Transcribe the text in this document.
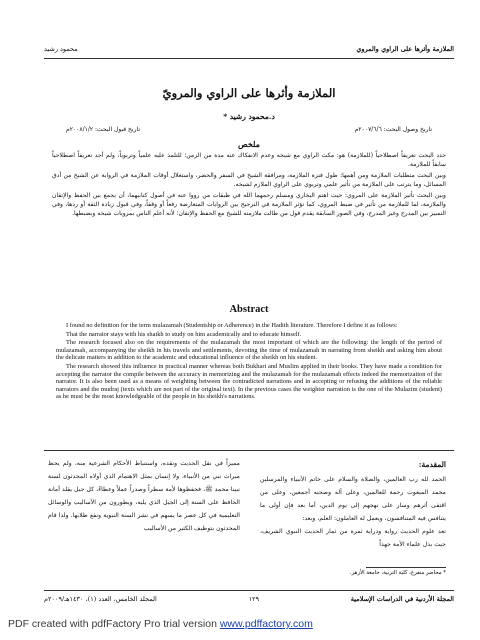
الملازمة وأثرها على الراوي والمروي
محمود رشيد
الملازمة وأثرها على الراوي والمرويّ
د.محمود رشيد *
تاريخ وصول البحث: ٢٠٠٧/٦/٦م
تاريخ قبول البحث: ٢٠٠٨/١/٢م
ملخص

حدد البحث تعريفاً اصطلاحياً (للملازمة) هو: مكث الراوي مع شيخه وعدم الانفكاك عنه مدة من الزمن؛ للتلمذ عليه علمياً وتربوياً، ولم أجد تعريفاً اصطلاحياً سابقاً للملازمة.

وبين البحث متطلبات الملازمة ومن أهمها: طول فترة الملازمة، ومرافقة الشيخ في السفر والحضر، واستغلال أوقات الملازمة في الرواية عن الشيخ من أدق المسائل، وما يترتب على الملازمة من تأثير علمي وتربوي على الراوي الملازم لشيخه.

وبين البحث تأثير الملازمة على المروي: حيث اهتم البخاري ومسلم رحمهما الله في طبقات من رووا عنه في أصول كتابيهما، أن يجمع بين الحفظ والإتقان والملازمة، لما للملازمة من تأثير في ضبط المروي، كما تؤثر الملازمة في الترجيح بين الروايات المتعارضة رفعاً أو وقفاً، وفي قبول زيادة الثقة أو ردها، وفي التمييز بين المدرج وغير المدرج، وفي الصور السابقة يقدم قول من طالت ملازمته للشيخ مع الحفظ والإتقان؛ لأنه أعلم الناس بمرويات شيخه وبضبطها.

Abstract

I found no definition for the term mulazamah (Studentship or Adherence) in the Hadith literature. Therefore I define it as follows:

That the narrator stays with his shaikh to study on him academically and to educate himself.

The research focused also on the requirements of the mulazamah the most important of which are the following: the length of the period of mulazamah, accompanying the sheikh in his travels and settlements, devoting the time of mulazamah in narrating from sheikh and asking him about the delicate matters in addition to the academic and educational influence of the sheikh on his student.

The research showed this influence in practical manner whereas both Bukhari and Muslim applied in their books. They have made a condition for accepting the narrator the compile between the accuracy in memorizing and the mulazamah for the mulazamah effects indeed the memorization of the narrator. It is also been used as a means of weighting between the contradicted narrations and in accepting or refusing the additions of the reliable narrators and the mudraj (texts which are not part of the original text). In the previous cases the weighter narration is the one of the Mulazim (student) as he must be the most knowledgeable of the people in his sheikh's narrations.

المقدمة:

الحمد لله رب العالمين، والصلاة والسلام على خاتم الأنبياء والمرسلين محمد المبعوث رحمة للعالمين، وعلى آله وصحبه أجمعين، وعلى من اقتفى أثرهم وسار على نهجهم إلى يوم الدين، أما بعد فإن أولى ما يتنافس فيه المتنافسون، ويعمل له العاملون: العلم، وبعد:

تعد علوم الحديث رواية ودراية ثمرة من ثمار الحديث النبوي الشريف، حيث بذل علماء الأمة جهداً

مميزاً في نقل الحديث ونقده، واستنباط الأحكام الشرعية منه، ولم يحظ ميراث نبي من الأنبياء، ولا إنسان بمثل الاهتمام الذي أولاه المحدثون لسنة نبينا محمد ﷺ، فحفظوها لأمة سطراً وصدراً عملاً وعطاءً، كل جيل يقلد أمانة الحافظ على السنة إلى الجيل الذي يليه، ويطورون من الأساليب والوسائل التعليمية في كل عصر ما يسهم في نشر السنة النبوية ونفع طلابها. ولذا قام المحدثون بتوظيف الكثير من الأساليب

* محاضر متفرغ، كلية التربية، جامعة الأزهر.
المجلة الأردنية في الدراسات الإسلامية
١٢٩
المجلد الخامس، العدد (١)، ١٤٣٠هـ/٢٠٠٩م
PDF created with pdfFactory Pro trial version www.pdffactory.com
